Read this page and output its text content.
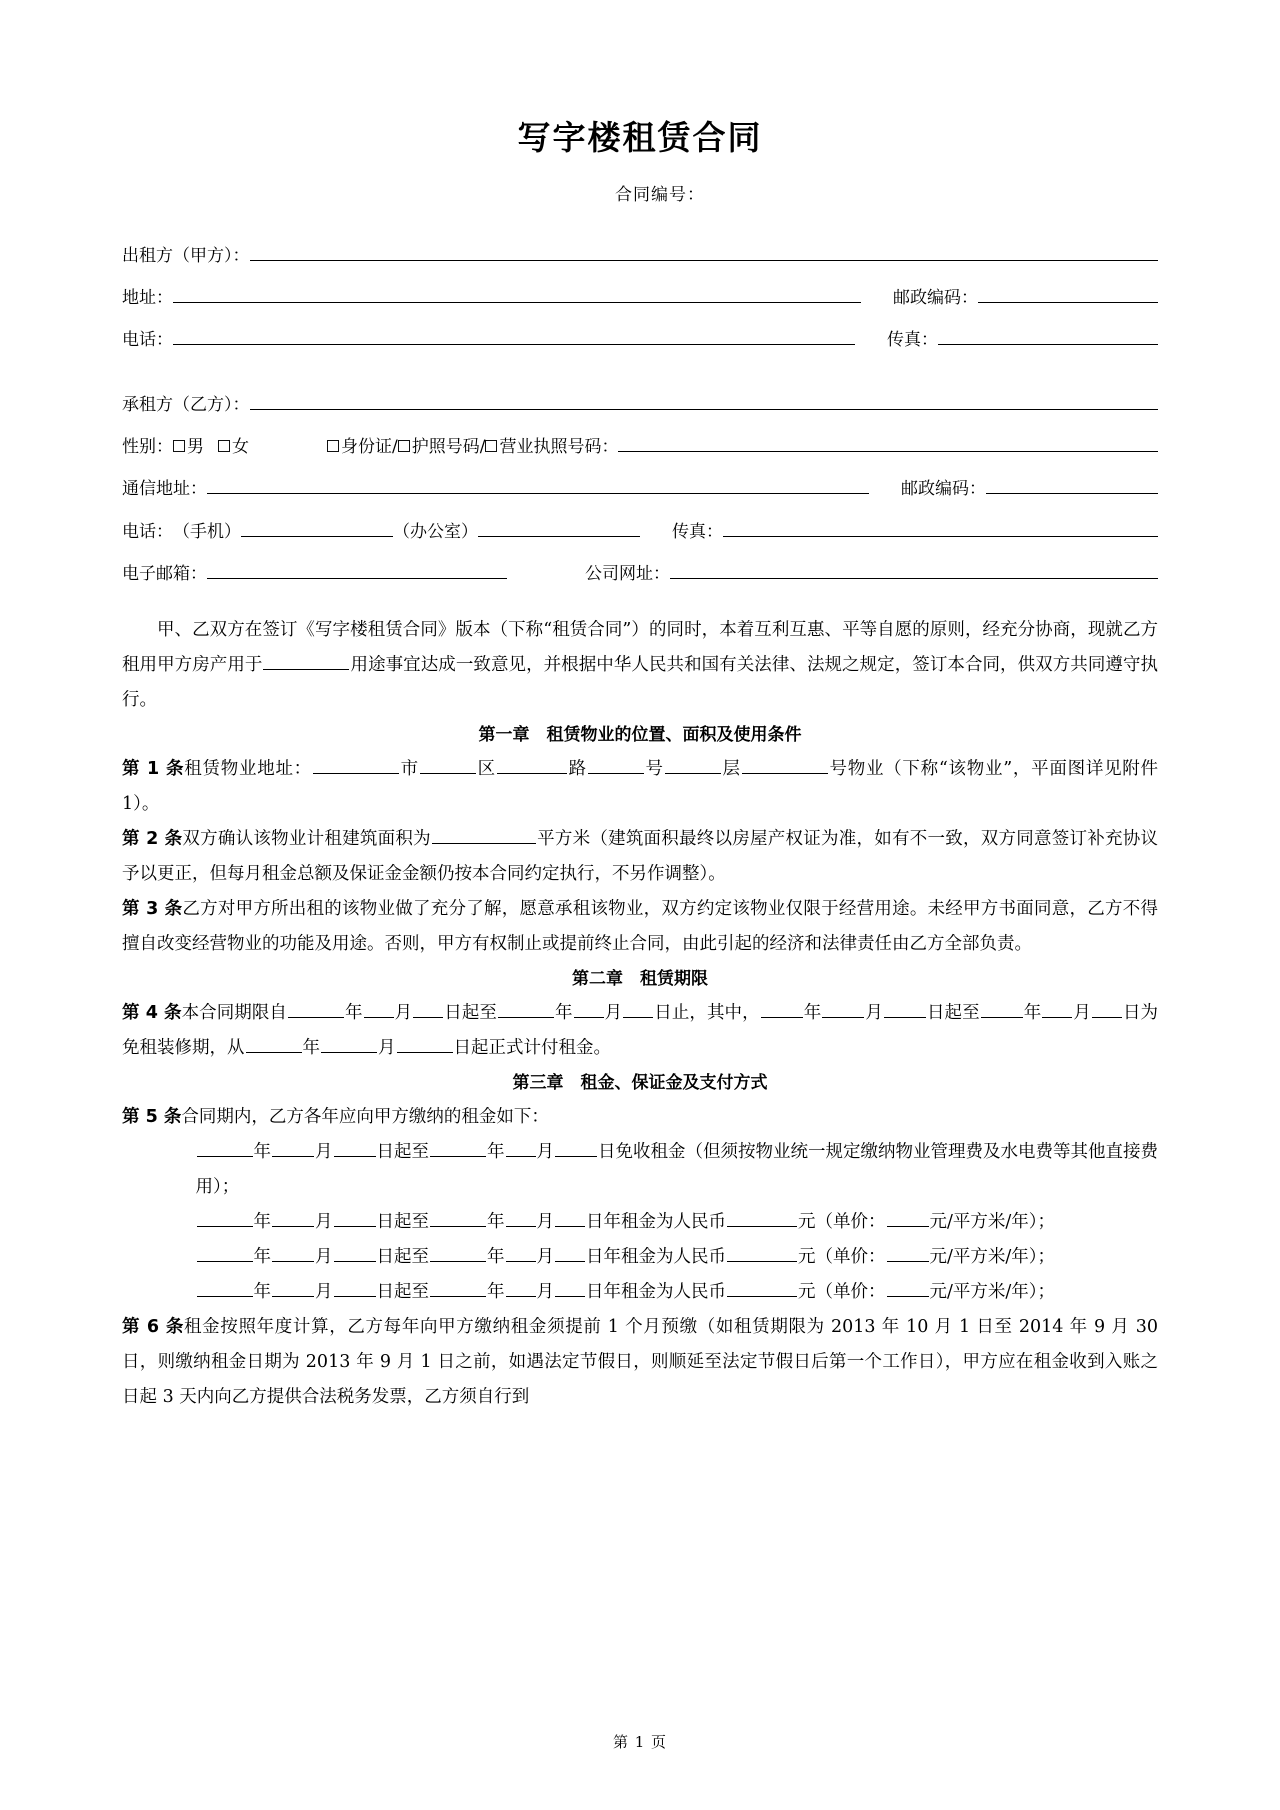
写字楼租赁合同
合同编号：
出租方（甲方）：
地址：	邮政编码：
电话：	传真：
承租方（乙方）：
性别： 男 女	身份证/ 护照号码/ 营业执照号码：
通信地址：	邮政编码：
电话： （手机）	（办公室）	传真：
电子邮箱：	公司网址：

甲、乙双方在签订《写字楼租赁合同》版本（下称“租赁合同”）的同时，本着互利互惠、平等自愿的原则，经充分协商，现就乙方租用甲方房产用于	用途事宜达成一致意见，并根据中华人民共和国有关法律、法规之规定，签订本合同，供双方共同遵守执行。

第一章　租赁物业的位置、面积及使用条件

第 1 条租赁物业地址：	市	区	路	号	层	号物业（下称“该物业”，平面图详见附件 1）。

第 2 条双方确认该物业计租建筑面积为	平方米（建筑面积最终以房屋产权证为准，如有不一致，双方同意签订补充协议予以更正，但每月租金总额及保证金金额仍按本合同约定执行，不另作调整）。

第 3 条乙方对甲方所出租的该物业做了充分了解，愿意承租该物业，双方约定该物业仅限于经营用途。未经甲方书面同意，乙方不得擅自改变经营物业的功能及用途。否则，甲方有权制止或提前终止合同，由此引起的经济和法律责任由乙方全部负责。

第二章　租赁期限

第 4 条本合同期限自	年 月 日起至	年 月 日止，其中，	年	月	日起至	年 月 日为免租装修期，从	年	月	日起正式计付租金。

第三章　租金、保证金及支付方式

第 5 条合同期内，乙方各年应向甲方缴纳的租金如下：

年	月	日起至	年 月	日免收租金（但须按物业统一规定缴纳物业管理费及水电费等其他直接费用）；

年	月	日起至	年 月 日年租金为人民币	元（单价：	元/平方米/年）；

年	月	日起至	年 月 日年租金为人民币	元（单价：	元/平方米/年）；

年	月	日起至	年 月 日年租金为人民币	元（单价：	元/平方米/年）；

第 6 条租金按照年度计算，乙方每年向甲方缴纳租金须提前 1 个月预缴（如租赁期限为 2013 年 10 月 1 日至 2014 年 9 月 30 日，则缴纳租金日期为 2013 年 9 月 1 日之前，如遇法定节假日，则顺延至法定节假日后第一个工作日），甲方应在租金收到入账之日起 3 天内向乙方提供合法税务发票，乙方须自行到

第 1 页
